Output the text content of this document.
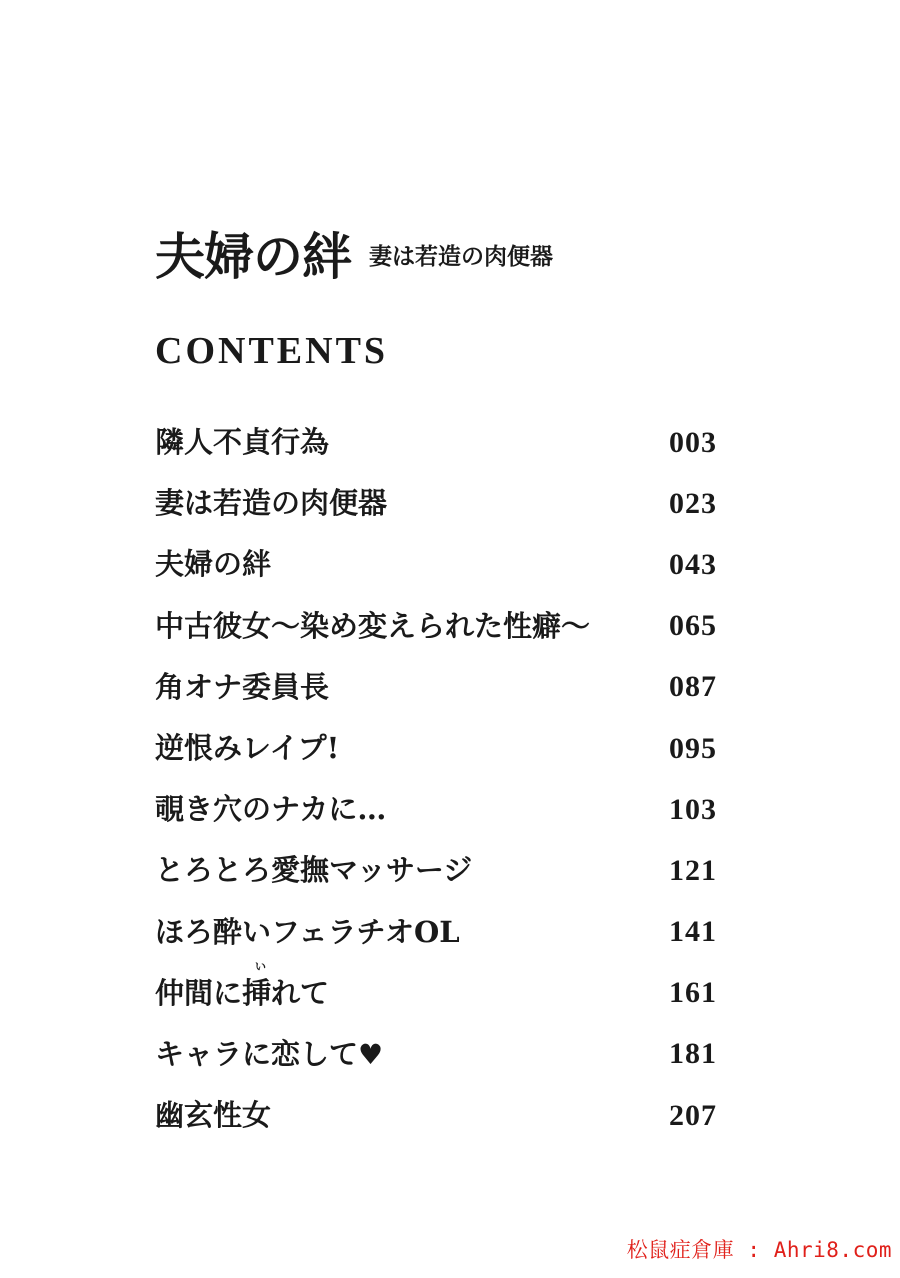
夫婦の絆 妻は若造の肉便器
CONTENTS
隣人不貞行為	003
妻は若造の肉便器	023
夫婦の絆	043
中古彼女〜染め変えられた性癖〜	065
角オナ委員長	087
逆恨みレイプ!	095
覗き穴のナカに…	103
とろとろ愛撫マッサージ	121
ほろ酔いフェラチオOL	141
い
仲間に挿れて	161
キャラに恋して♥	181
幽玄性女	207
松鼠症倉庫 : Ahri8.com
